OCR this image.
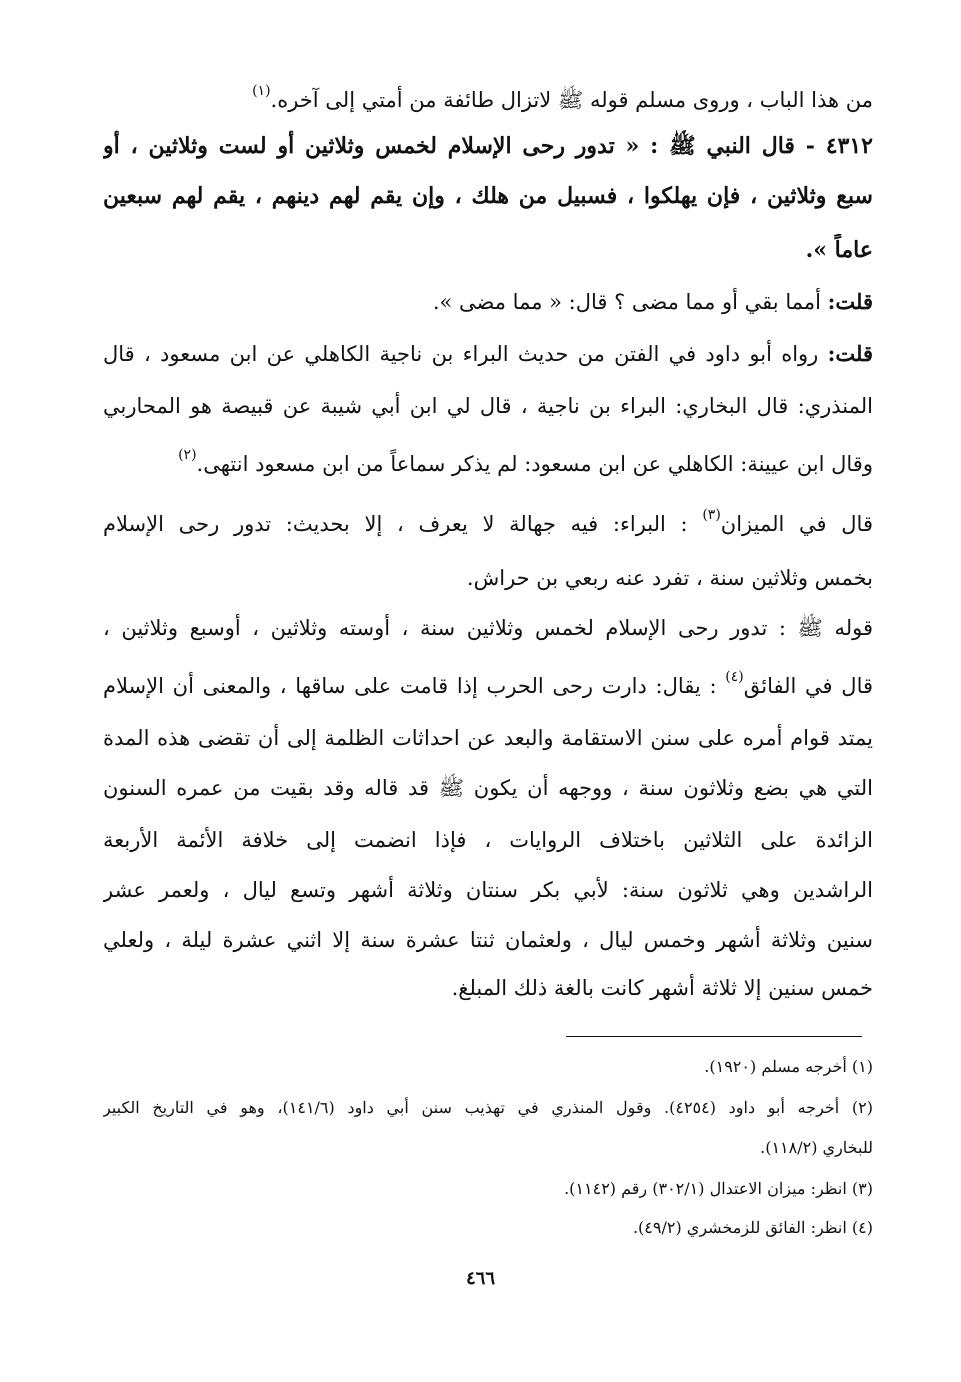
من هذا الباب ، وروى مسلم قوله ﷺ لاتزال طائفة من أمتي إلى آخره.$^{(١)}$
٤٣١٢ - قال النبي ﷺ : « تدور رحى الإسلام لخمس وثلاثين أو لست وثلاثين ، أو
سبع وثلاثين ، فإن يهلكوا ، فسبيل من هلك ، وإن يقم لهم دينهم ، يقم لهم سبعين
عاماً ».
قلت: أمما بقي أو مما مضى ؟ قال: « مما مضى ».
قلت: رواه أبو داود في الفتن من حديث البراء بن ناجية الكاهلي عن ابن مسعود ، قال
المنذري: قال البخاري: البراء بن ناجية ، قال لي ابن أبي شيبة عن قبيصة هو المحاربي
وقال ابن عيينة: الكاهلي عن ابن مسعود: لم يذكر سماعاً من ابن مسعود انتهى.$^{(٢)}$
قال في الميزان$^{(٣)}$ : البراء: فيه جهالة لا يعرف ، إلا بحديث: تدور رحى الإسلام
بخمس وثلاثين سنة ، تفرد عنه ربعي بن حراش.
قوله ﷺ : تدور رحى الإسلام لخمس وثلاثين سنة ، أوسته وثلاثين ، أوسبع وثلاثين ،
قال في الفائق$^{(٤)}$ : يقال: دارت رحى الحرب إذا قامت على ساقها ، والمعنى أن الإسلام
يمتد قوام أمره على سنن الاستقامة والبعد عن احداثات الظلمة إلى أن تقضى هذه المدة
التي هي بضع وثلاثون سنة ، ووجهه أن يكون ﷺ قد قاله وقد بقيت من عمره السنون
الزائدة على الثلاثين باختلاف الروايات ، فإذا انضمت إلى خلافة الأئمة الأربعة
الراشدين وهي ثلاثون سنة: لأبي بكر سنتان وثلاثة أشهر وتسع ليال ، ولعمر عشر
سنين وثلاثة أشهر وخمس ليال ، ولعثمان ثنتا عشرة سنة إلا اثني عشرة ليلة ، ولعلي
خمس سنين إلا ثلاثة أشهر كانت بالغة ذلك المبلغ.
(١) أخرجه مسلم (١٩٢٠).
(٢) أخرجه أبو داود (٤٢٥٤). وقول المنذري في تهذيب سنن أبي داود (١٤١/٦)، وهو في التاريخ الكبير
للبخاري (١١٨/٢).
(٣) انظر: ميزان الاعتدال (٣٠٢/١) رقم (١١٤٢).
(٤) انظر: الفائق للزمخشري (٤٩/٢).
٤٦٦
